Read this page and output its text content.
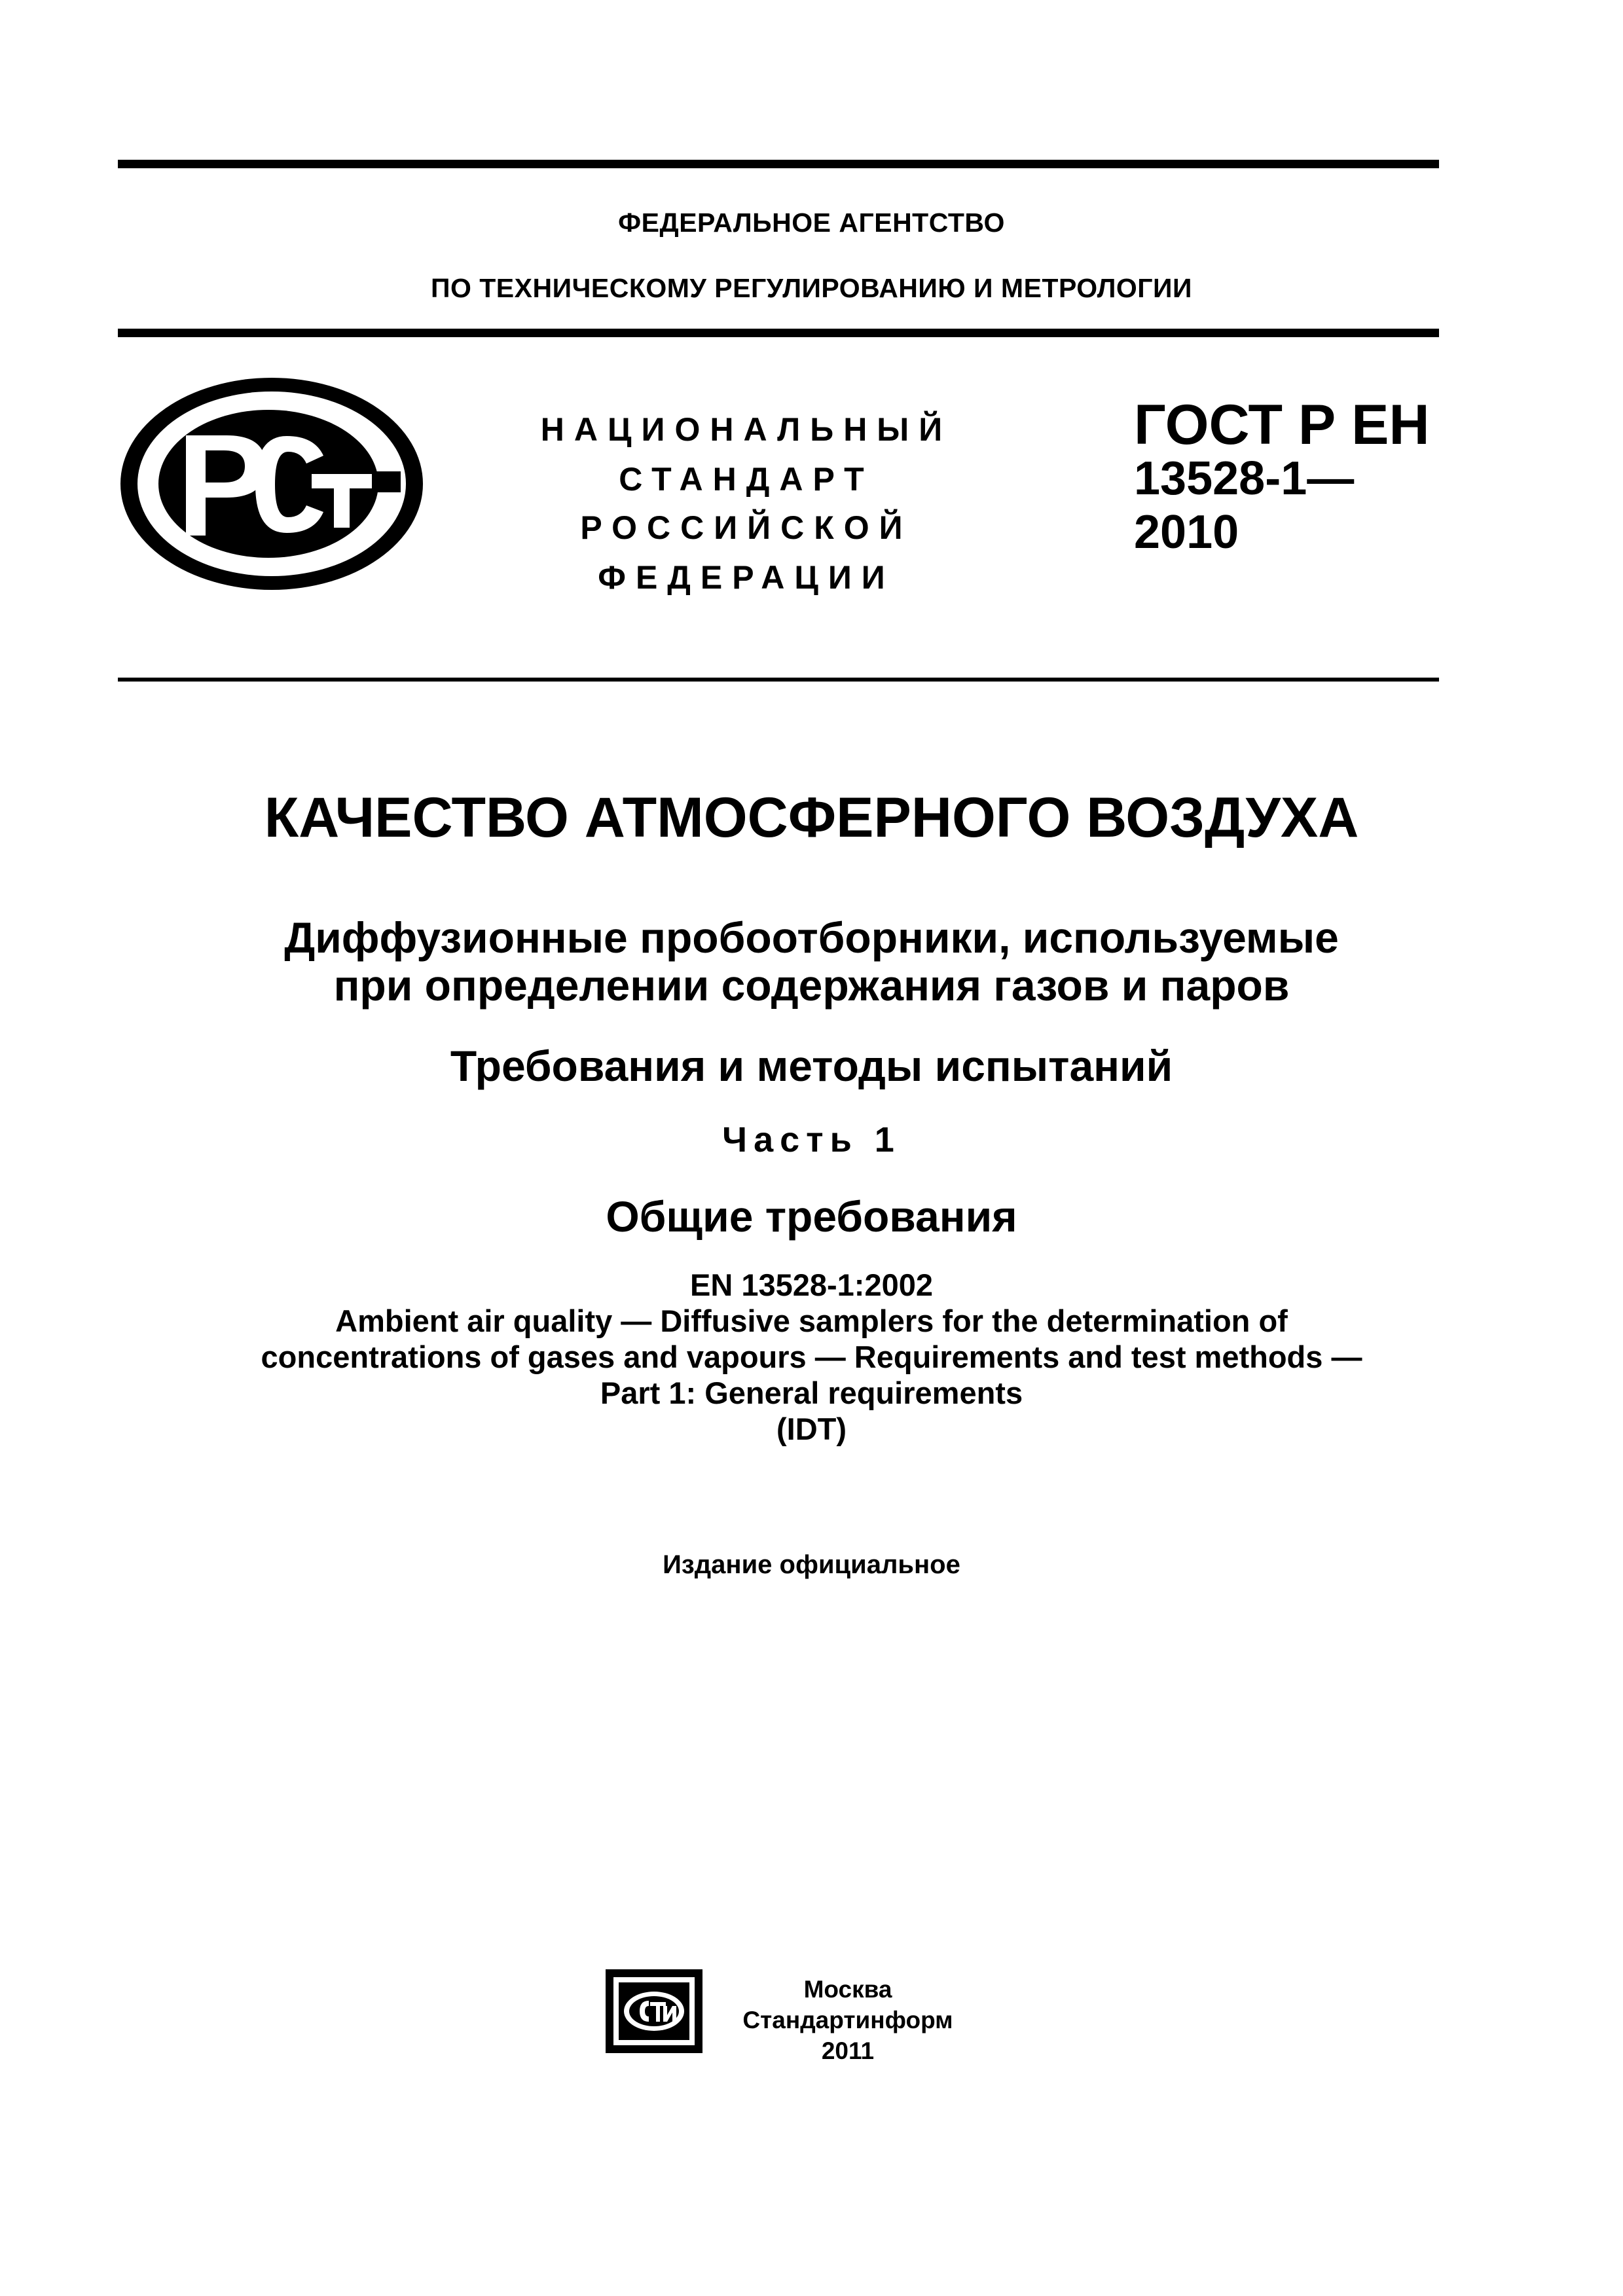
ФЕДЕРАЛЬНОЕ АГЕНТСТВО
ПО ТЕХНИЧЕСКОМУ РЕГУЛИРОВАНИЮ И МЕТРОЛОГИИ
НАЦИОНАЛЬНЫЙ
СТАНДАРТ
РОССИЙСКОЙ
ФЕДЕРАЦИИ
ГОСТ Р ЕН
13528-1—
2010
КАЧЕСТВО АТМОСФЕРНОГО ВОЗДУХА
Диффузионные пробоотборники, используемые
при определении содержания газов и паров
Требования и методы испытаний
Часть 1
Общие требования
EN 13528-1:2002
Ambient air quality — Diffusive samplers for the determination of
concentrations of gases and vapours — Requirements and test methods —
Part 1: General requirements
(IDT)
Издание официальное
Москва
Стандартинформ
2011
